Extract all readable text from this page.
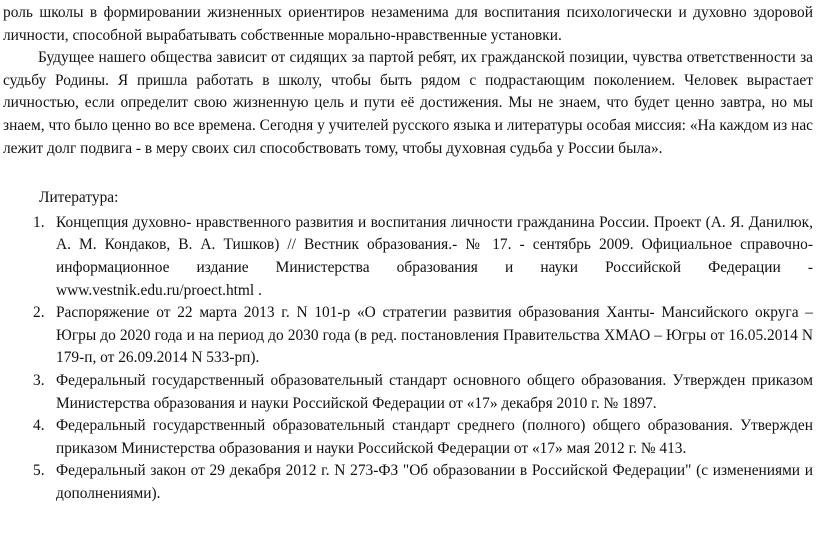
роль школы в формировании жизненных ориентиров незаменима для воспитания психологически и духовно здоровой личности, способной вырабатывать собственные морально-нравственные установки.

Будущее нашего общества зависит от сидящих за партой ребят, их гражданской позиции, чувства ответственности за судьбу Родины. Я пришла работать в школу, чтобы быть рядом с подрастающим поколением. Человек вырастает личностью, если определит свою жизненную цель и пути её достижения. Мы не знаем, что будет ценно завтра, но мы знаем, что было ценно во все времена. Сегодня у учителей русского языка и литературы особая миссия: «На каждом из нас лежит долг подвига - в меру своих сил способствовать тому, чтобы духовная судьба у России была».

Литература:

1. Концепция духовно- нравственного развития и воспитания личности гражданина России. Проект (А. Я. Данилюк, А. М. Кондаков, В. А. Тишков) // Вестник образования.- № 17. - сентябрь 2009. Официальное справочно-информационное издание Министерства образования и науки Российской Федерации - www.vestnik.edu.ru/proect.html .
2. Распоряжение от 22 марта 2013 г. N 101-р «О стратегии развития образования Ханты- Мансийского округа – Югры до 2020 года и на период до 2030 года (в ред. постановления Правительства ХМАО – Югры от 16.05.2014 N 179-п, от 26.09.2014 N 533-рп).
3. Федеральный государственный образовательный стандарт основного общего образования. Утвержден приказом Министерства образования и науки Российской Федерации от «17» декабря 2010 г. № 1897.
4. Федеральный государственный образовательный стандарт среднего (полного) общего образования. Утвержден приказом Министерства образования и науки Российской Федерации от «17» мая 2012 г. № 413.
5. Федеральный закон от 29 декабря 2012 г. N 273-ФЗ "Об образовании в Российской Федерации" (с изменениями и дополнениями).
